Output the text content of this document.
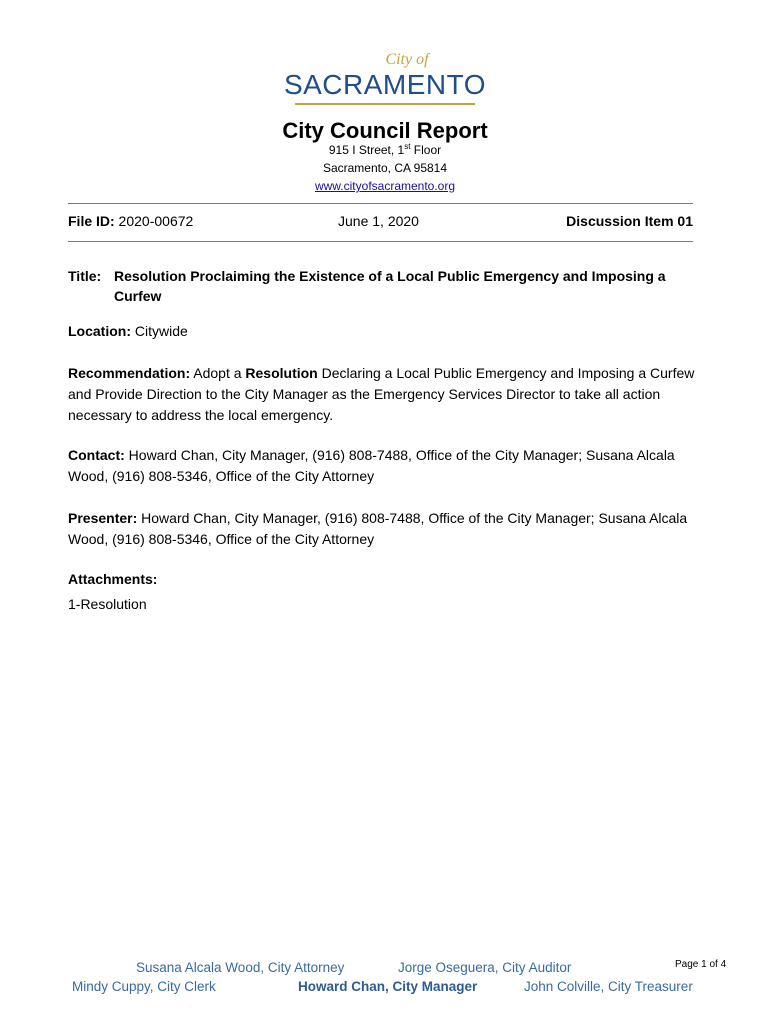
City of
SACRAMENTO
City Council Report
915 I Street, 1st Floor
Sacramento, CA 95814
www.cityofsacramento.org
File ID: 2020-00672	June 1, 2020	Discussion Item 01
Title: Resolution Proclaiming the Existence of a Local Public Emergency and Imposing a Curfew
Location: Citywide
Recommendation: Adopt a Resolution Declaring a Local Public Emergency and Imposing a Curfew and Provide Direction to the City Manager as the Emergency Services Director to take all action necessary to address the local emergency.
Contact: Howard Chan, City Manager, (916) 808-7488, Office of the City Manager; Susana Alcala Wood, (916) 808-5346, Office of the City Attorney
Presenter: Howard Chan, City Manager, (916) 808-7488, Office of the City Manager; Susana Alcala Wood, (916) 808-5346, Office of the City Attorney
Attachments:
1-Resolution
Page 1 of 4
Susana Alcala Wood, City Attorney	Jorge Oseguera, City Auditor
Mindy Cuppy, City Clerk	Howard Chan, City Manager	John Colville, City Treasurer
